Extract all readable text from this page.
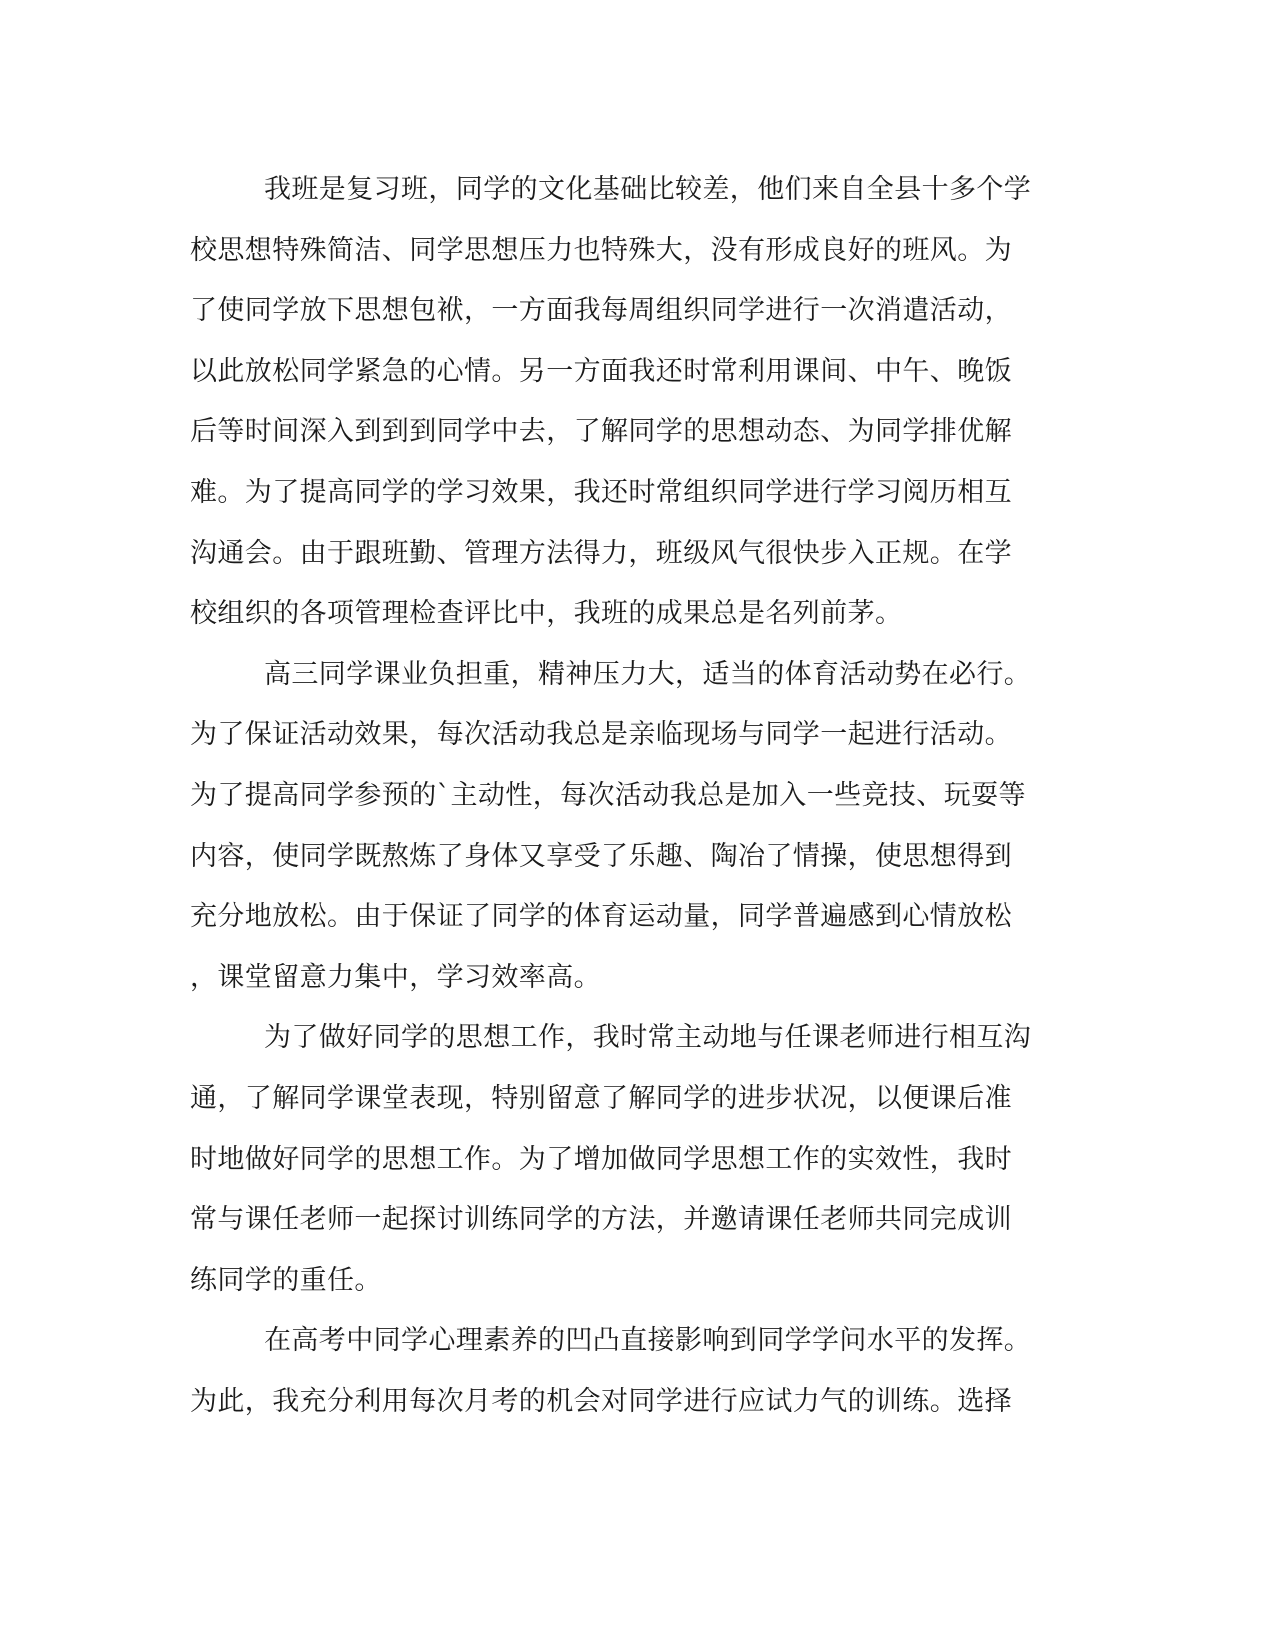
我班是复习班，同学的文化基础比较差，他们来自全县十多个学
校思想特殊简洁、同学思想压力也特殊大，没有形成良好的班风。为
了使同学放下思想包袱，一方面我每周组织同学进行一次消遣活动，
以此放松同学紧急的心情。另一方面我还时常利用课间、中午、晚饭
后等时间深入到到到同学中去，了解同学的思想动态、为同学排优解
难。为了提高同学的学习效果，我还时常组织同学进行学习阅历相互
沟通会。由于跟班勤、管理方法得力，班级风气很快步入正规。在学
校组织的各项管理检查评比中，我班的成果总是名列前茅。
高三同学课业负担重，精神压力大，适当的体育活动势在必行。
为了保证活动效果，每次活动我总是亲临现场与同学一起进行活动。
为了提高同学参预的`主动性，每次活动我总是加入一些竞技、玩耍等
内容，使同学既熬炼了身体又享受了乐趣、陶冶了情操，使思想得到
充分地放松。由于保证了同学的体育运动量，同学普遍感到心情放松
，课堂留意力集中，学习效率高。
为了做好同学的思想工作，我时常主动地与任课老师进行相互沟
通，了解同学课堂表现，特别留意了解同学的进步状况，以便课后准
时地做好同学的思想工作。为了增加做同学思想工作的实效性，我时
常与课任老师一起探讨训练同学的方法，并邀请课任老师共同完成训
练同学的重任。
在高考中同学心理素养的凹凸直接影响到同学学问水平的发挥。
为此，我充分利用每次月考的机会对同学进行应试力气的训练。选择
